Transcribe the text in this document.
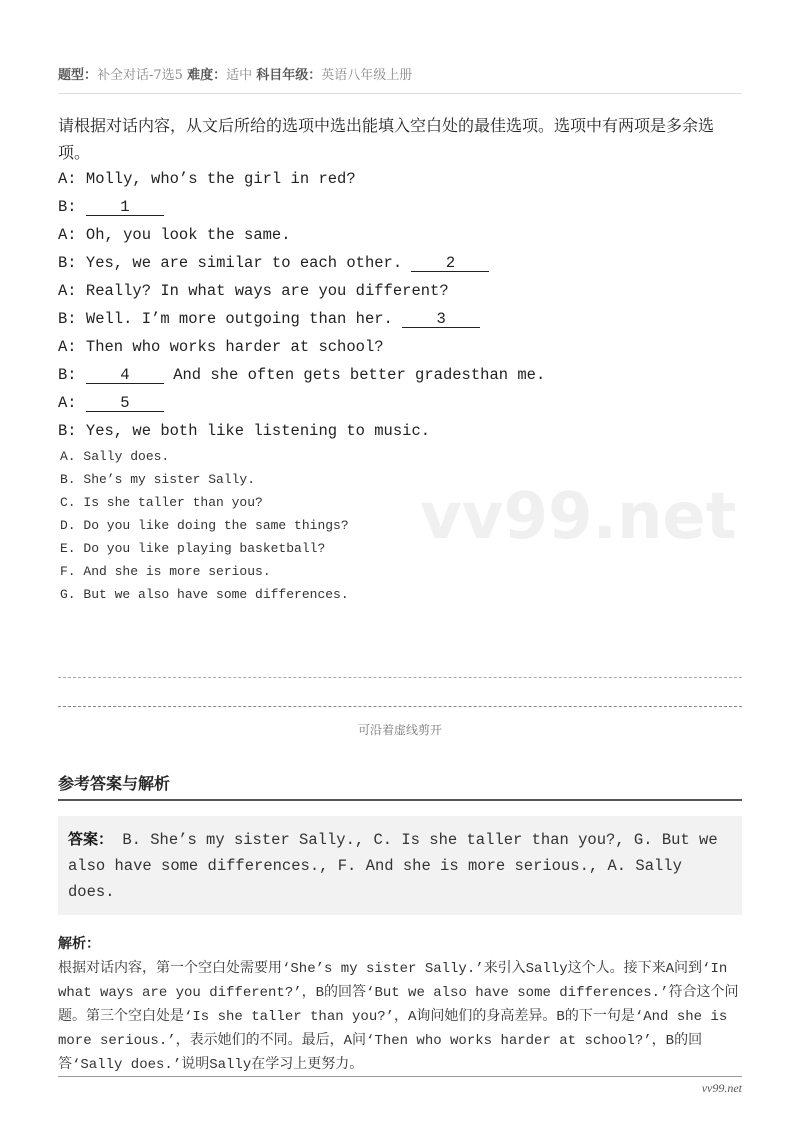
vv99.net
题型：补全对话-7选5 难度：适中 科目年级：英语八年级上册
请根据对话内容，从文后所给的选项中选出能填入空白处的最佳选项。选项中有两项是多余选项。
A: Molly, who’s the girl in red?
B: 1
A: Oh, you look the same.
B: Yes, we are similar to each other. 2
A: Really? In what ways are you different?
B: Well. I’m more outgoing than her. 3
A: Then who works harder at school?
B: 4 And she often gets better gradesthan me.
A: 5
B: Yes, we both like listening to music.
A. Sally does.
B. She’s my sister Sally.
C. Is she taller than you?
D. Do you like doing the same things?
E. Do you like playing basketball?
F. And she is more serious.
G. But we also have some differences.
可沿着虚线剪开
参考答案与解析
答案： B. She’s my sister Sally., C. Is she taller than you?, G. But we also have some differences., F. And she is more serious., A. Sally does.
解析：
根据对话内容，第一个空白处需要用‘She’s my sister Sally.’来引入Sally这个人。接下来A问到‘In what ways are you different?’，B的回答‘But we also have some differences.’符合这个问题。第三个空白处是‘Is she taller than you?’，A询问她们的身高差异。B的下一句是‘And she is more serious.’，表示她们的不同。最后，A问‘Then who works harder at school?’，B的回答‘Sally does.’说明Sally在学习上更努力。
vv99.net
